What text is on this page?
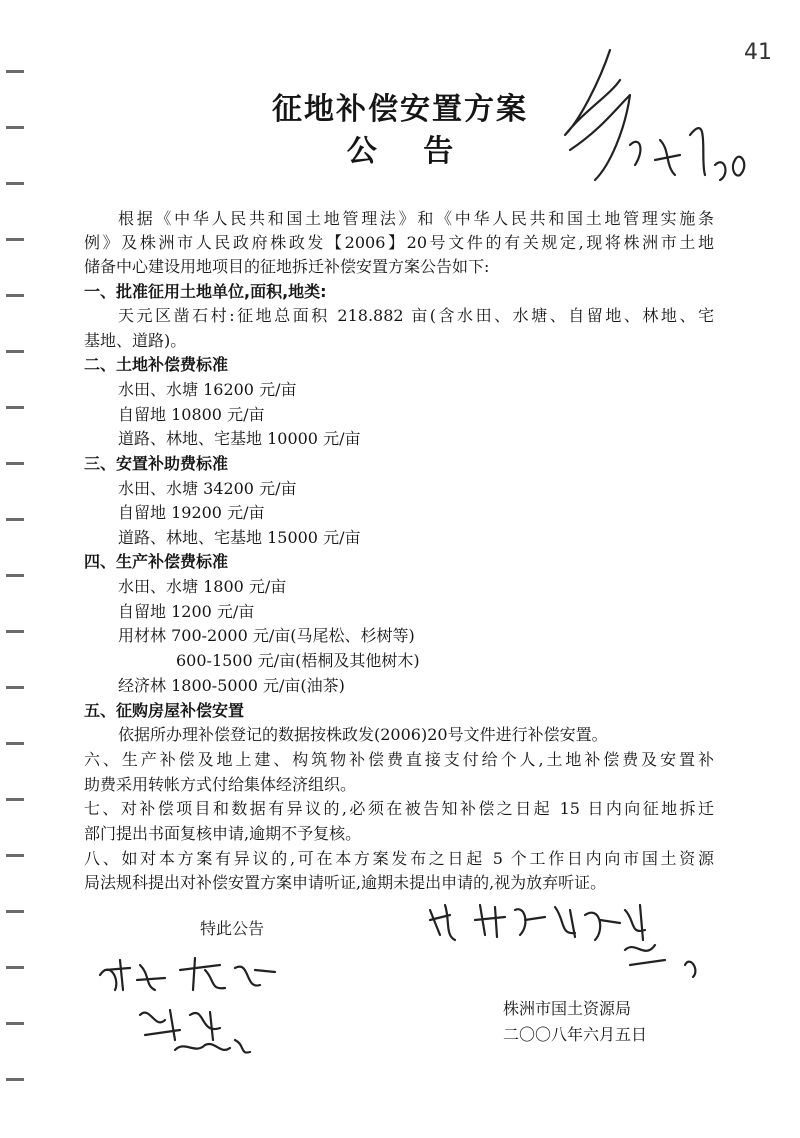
41
征地补偿安置方案
公 告
根据《中华人民共和国土地管理法》和《中华人民共和国土地管理实施条
例》及株洲市人民政府株政发【2006】20号文件的有关规定,现将株洲市土地
储备中心建设用地项目的征地拆迁补偿安置方案公告如下:
一、批准征用土地单位,面积,地类:
天元区凿石村:征地总面积 218.882 亩(含水田、水塘、自留地、林地、宅
基地、道路)。
二、土地补偿费标准
水田、水塘 16200 元/亩
自留地 10800 元/亩
道路、林地、宅基地 10000 元/亩
三、安置补助费标准
水田、水塘 34200 元/亩
自留地 19200 元/亩
道路、林地、宅基地 15000 元/亩
四、生产补偿费标准
水田、水塘 1800 元/亩
自留地 1200 元/亩
用材林 700-2000 元/亩(马尾松、杉树等)
600-1500 元/亩(梧桐及其他树木)
经济林 1800-5000 元/亩(油茶)
五、征购房屋补偿安置
依据所办理补偿登记的数据按株政发(2006)20号文件进行补偿安置。
六、生产补偿及地上建、构筑物补偿费直接支付给个人,土地补偿费及安置补
助费采用转帐方式付给集体经济组织。
七、对补偿项目和数据有异议的,必须在被告知补偿之日起 15 日内向征地拆迁
部门提出书面复核申请,逾期不予复核。
八、如对本方案有异议的,可在本方案发布之日起 5 个工作日内向市国土资源
局法规科提出对补偿安置方案申请听证,逾期未提出申请的,视为放弃听证。
特此公告
株洲市国土资源局
二〇〇八年六月五日
